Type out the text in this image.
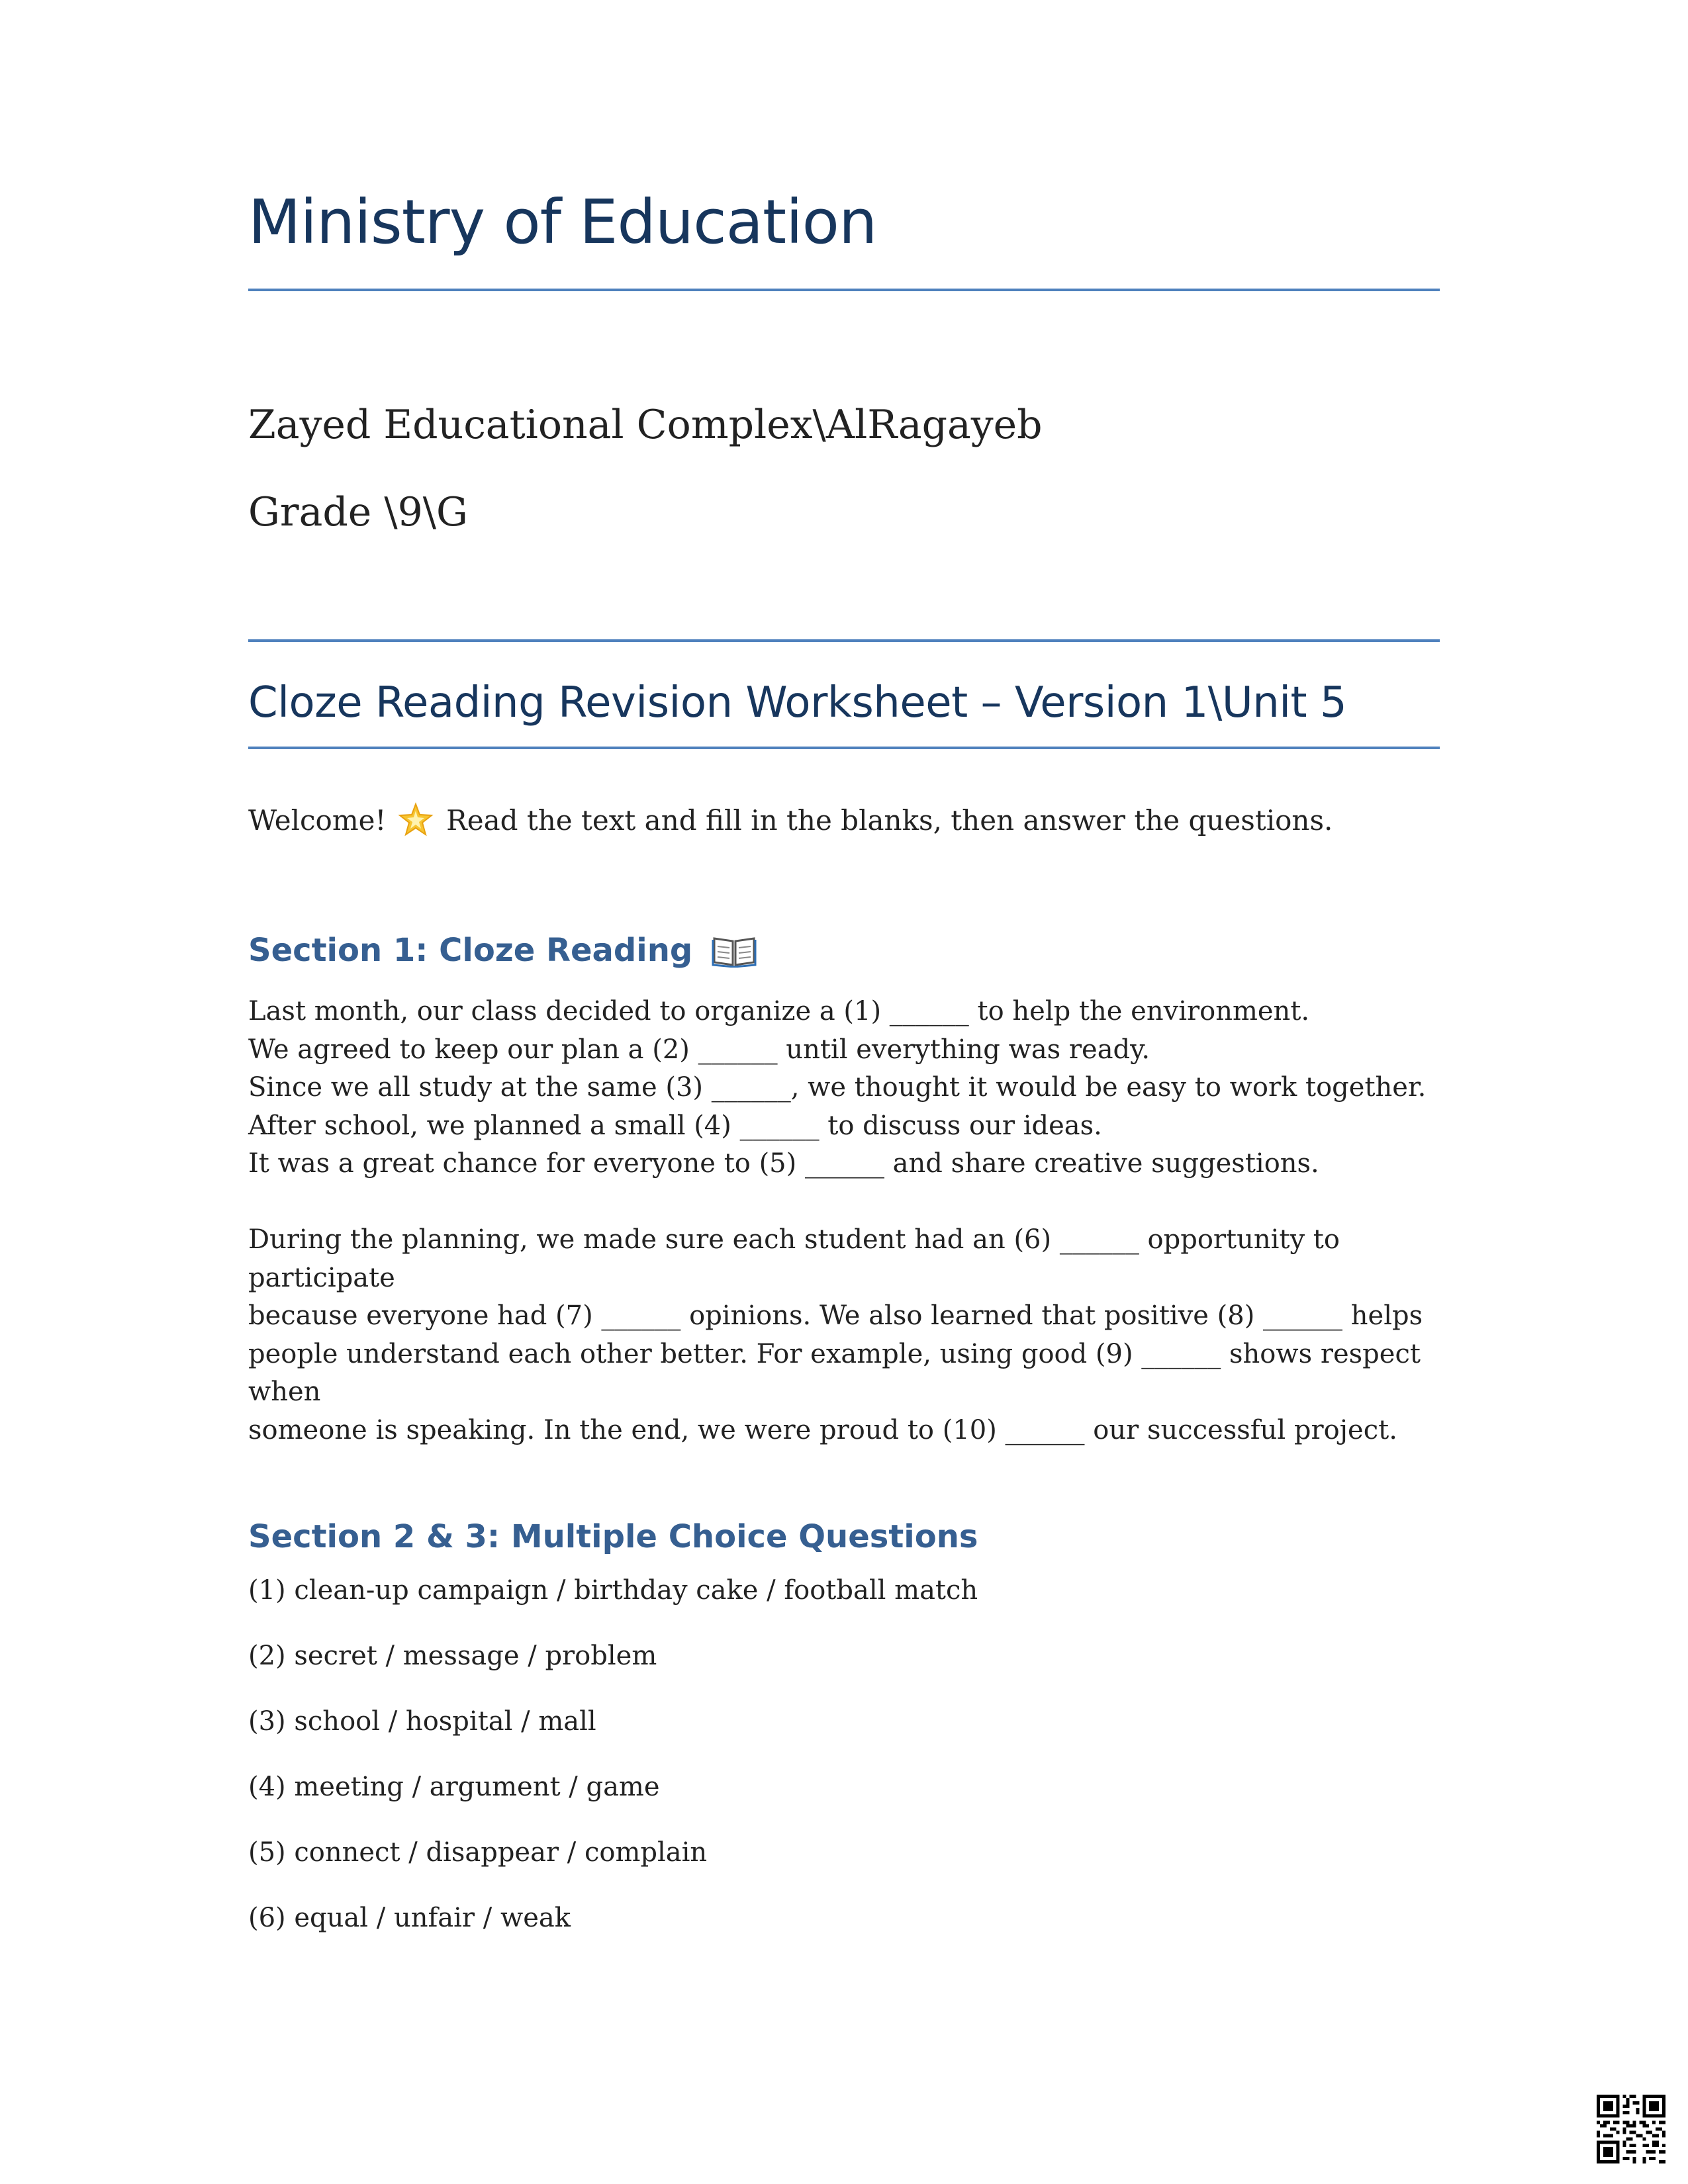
Ministry of Education
Zayed Educational Complex\AlRagayeb
Grade \9\G
Cloze Reading Revision Worksheet – Version 1\Unit 5
Welcome! Read the text and fill in the blanks, then answer the questions.
Section 1: Cloze Reading
Last month, our class decided to organize a (1) ______ to help the environment.
We agreed to keep our plan a (2) ______ until everything was ready.
Since we all study at the same (3) ______, we thought it would be easy to work together.
After school, we planned a small (4) ______ to discuss our ideas.
It was a great chance for everyone to (5) ______ and share creative suggestions.
During the planning, we made sure each student had an (6) ______ opportunity to
participate
because everyone had (7) ______ opinions. We also learned that positive (8) ______ helps
people understand each other better. For example, using good (9) ______ shows respect
when
someone is speaking. In the end, we were proud to (10) ______ our successful project.
Section 2 & 3: Multiple Choice Questions
(1) clean-up campaign / birthday cake / football match
(2) secret / message / problem
(3) school / hospital / mall
(4) meeting / argument / game
(5) connect / disappear / complain
(6) equal / unfair / weak
